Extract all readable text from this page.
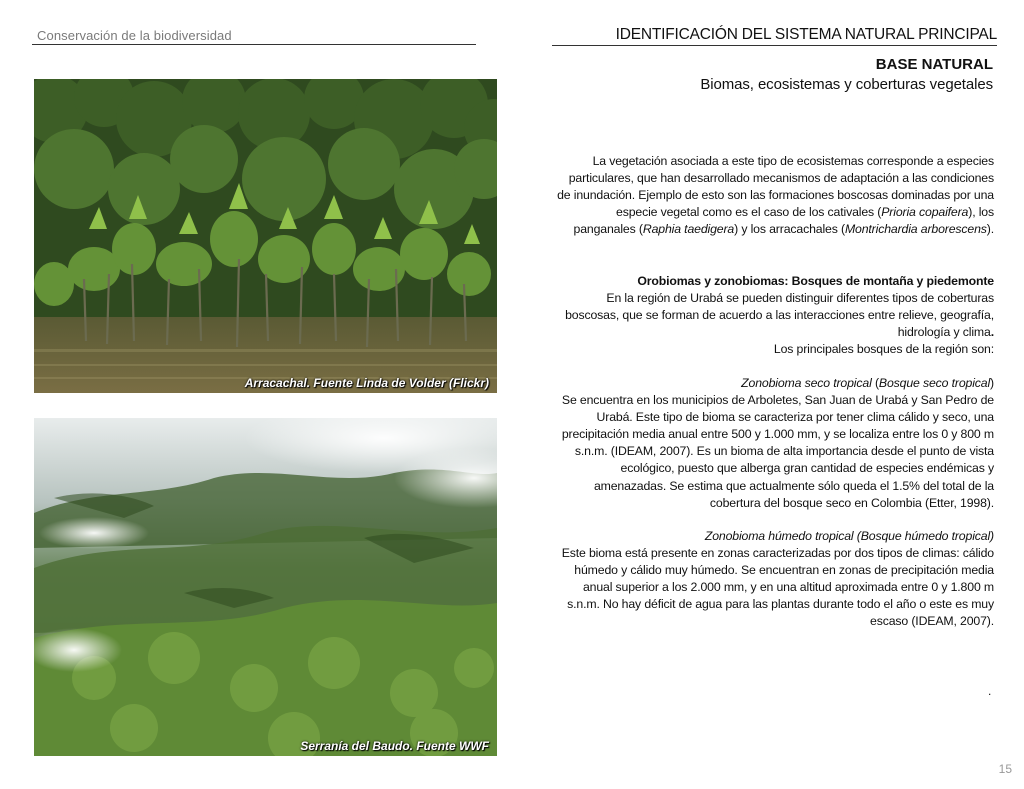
Conservación de la biodiversidad	IDENTIFICACIÓN DEL SISTEMA NATURAL PRINCIPAL
BASE NATURAL
Biomas, ecosistemas y coberturas vegetales
Arracachal. Fuente Linda de Volder (Flickr)
Serranía del Baudo. Fuente WWF
La vegetación asociada a este tipo de ecosistemas corresponde a especies particulares, que han desarrollado mecanismos de adaptación a las condiciones de inundación. Ejemplo de esto son las formaciones boscosas dominadas por una especie vegetal como es el caso de los cativales (Prioria copaifera), los panganales (Raphia taedigera) y los arracachales (Montrichardia arborescens).
Orobiomas y zonobiomas: Bosques de montaña y piedemonte
En la región de Urabá se pueden distinguir diferentes tipos de coberturas boscosas, que se forman de acuerdo a las interacciones entre relieve, geografía, hidrología y clima.
Los principales bosques de la región son:
Zonobioma seco tropical (Bosque seco tropical)
Se encuentra en los municipios de Arboletes, San Juan de Urabá y San Pedro de Urabá. Este tipo de bioma se caracteriza por tener clima cálido y seco, una precipitación media anual entre 500 y 1.000 mm, y se localiza entre los 0 y 800 m s.n.m. (IDEAM, 2007). Es un bioma de alta importancia desde el punto de vista ecológico, puesto que alberga gran cantidad de especies endémicas y amenazadas. Se estima que actualmente sólo queda el 1.5% del total de la cobertura del bosque seco en Colombia (Etter, 1998).
Zonobioma húmedo tropical (Bosque húmedo tropical)
Este bioma está presente en zonas caracterizadas por dos tipos de climas: cálido húmedo y cálido muy húmedo. Se encuentran en zonas de precipitación media anual superior a los 2.000 mm, y en una altitud aproximada entre 0 y 1.800 m s.n.m. No hay déficit de agua para las plantas durante todo el año o este es muy escaso (IDEAM, 2007).
.
15
